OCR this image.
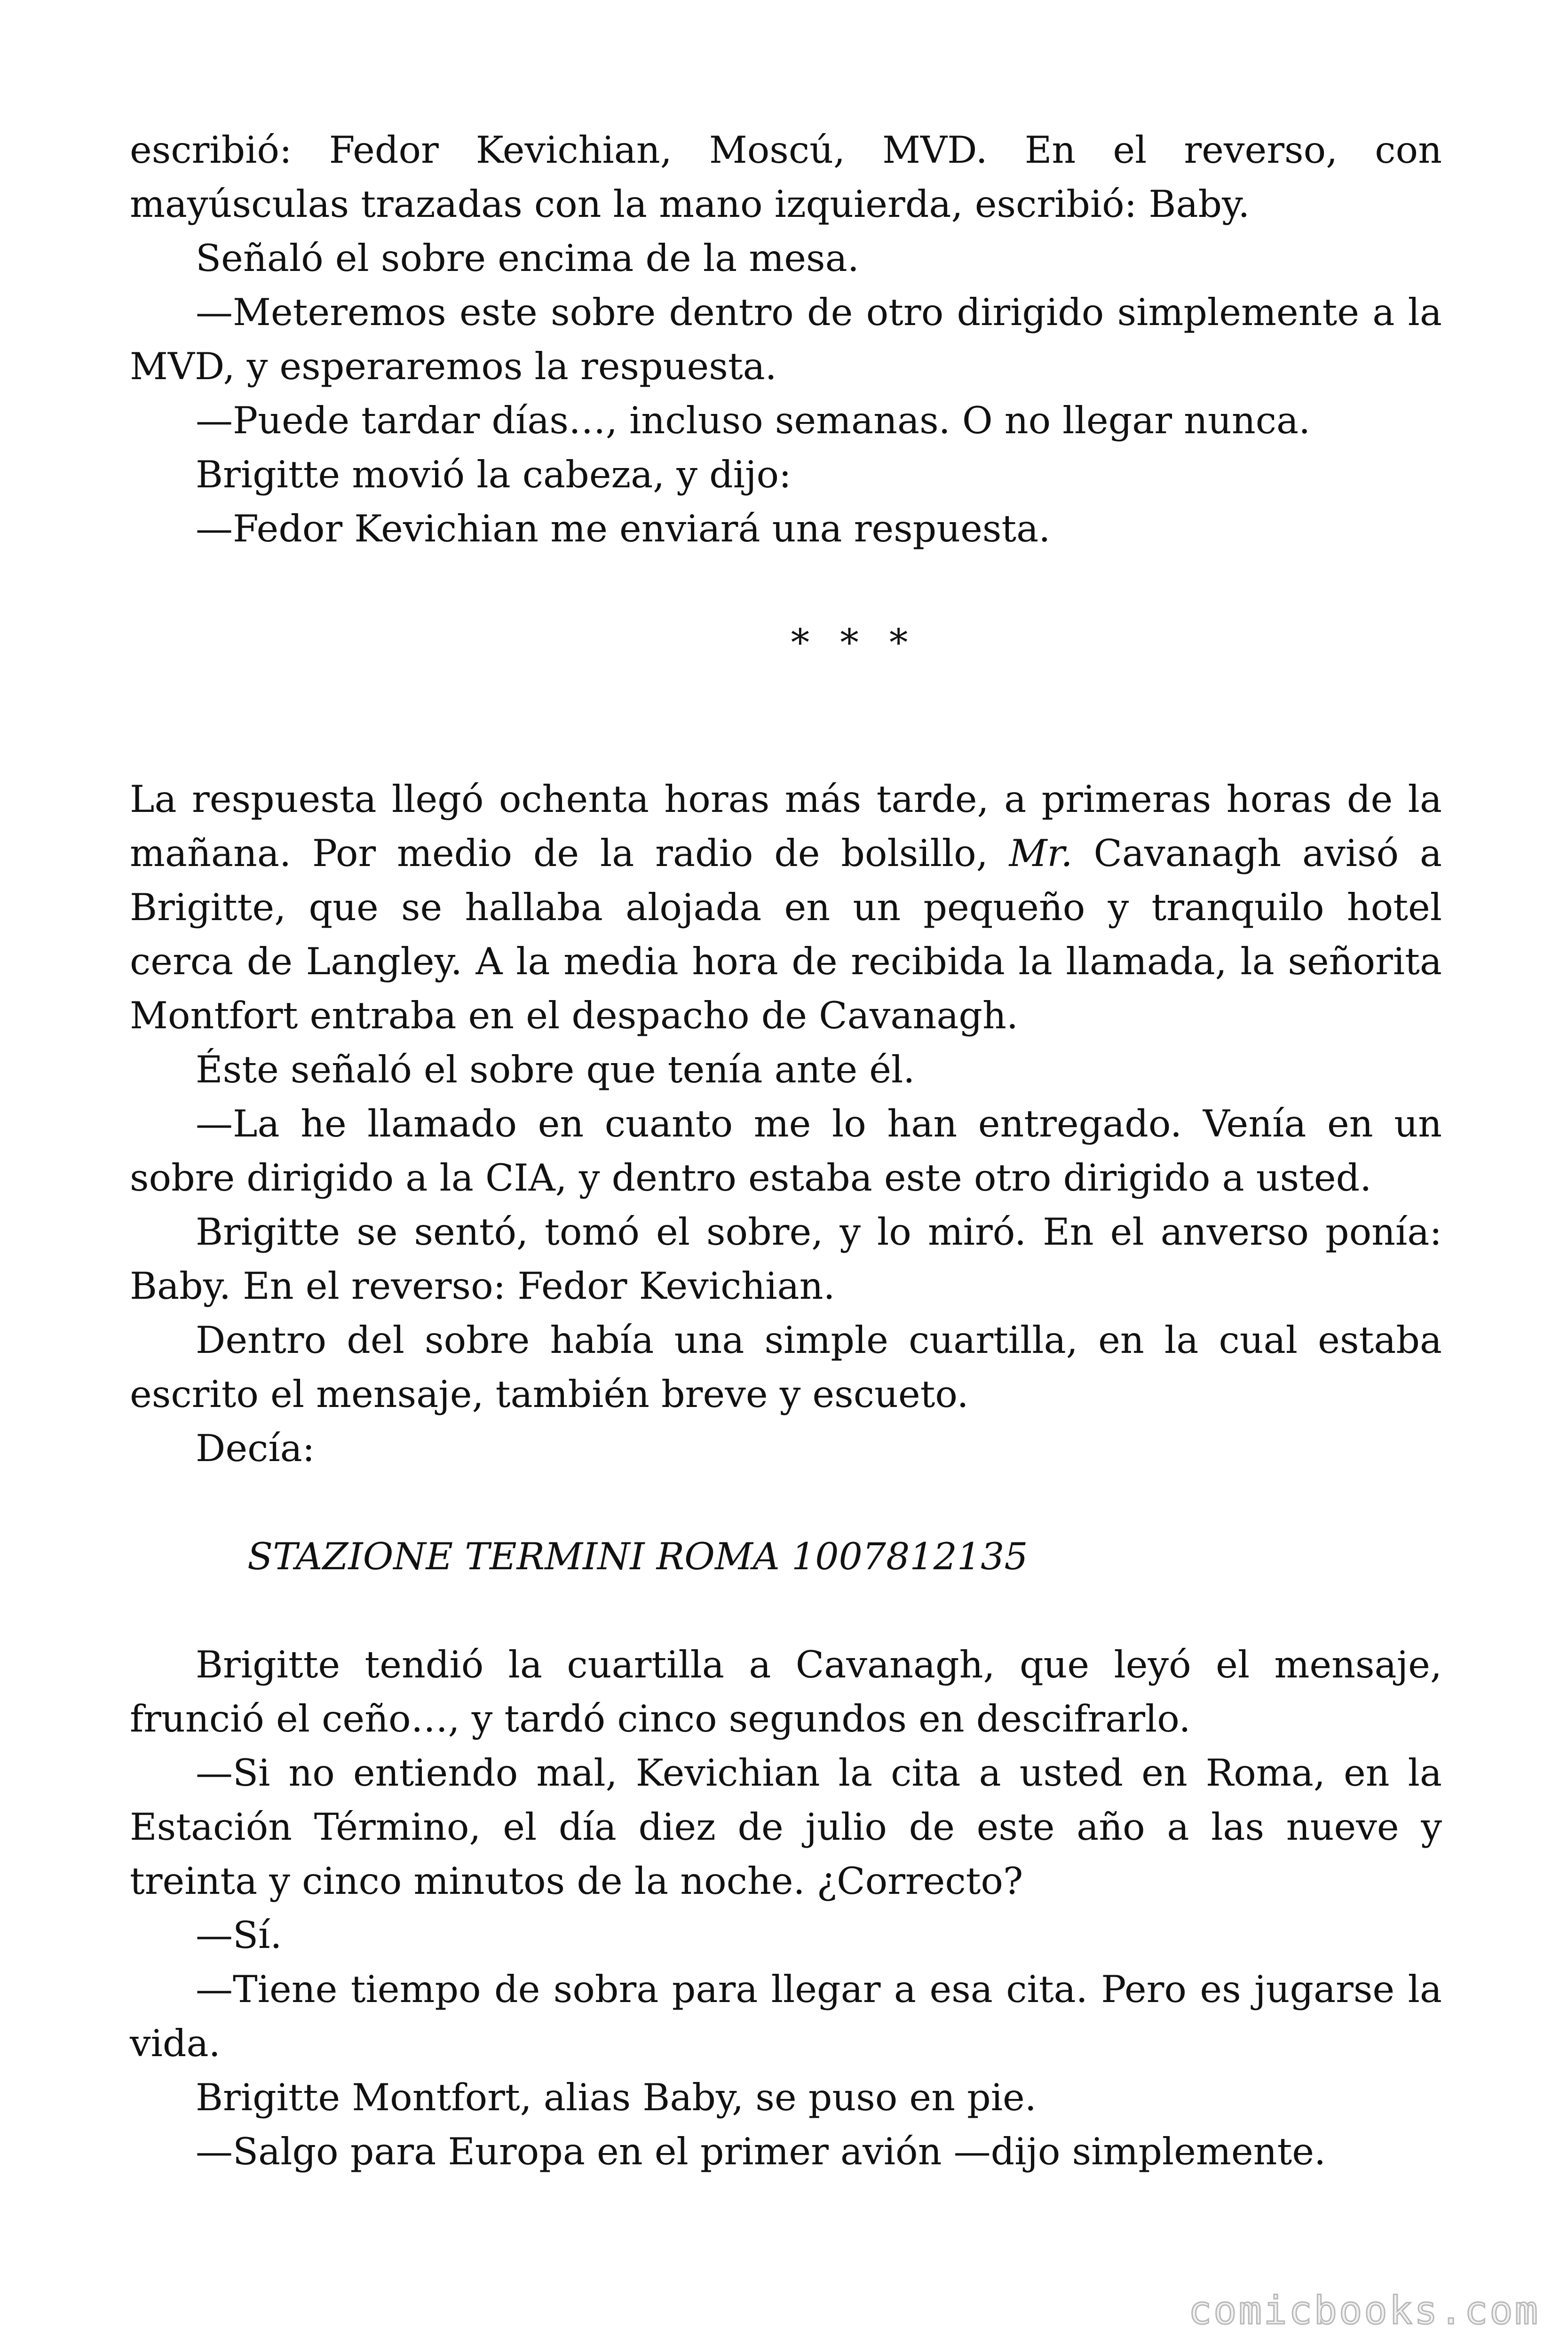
escribió: Fedor Kevichian, Moscú, MVD. En el reverso, con mayúsculas trazadas con la mano izquierda, escribió: Baby.

Señaló el sobre encima de la mesa.

—Meteremos este sobre dentro de otro dirigido simplemente a la MVD, y esperaremos la respuesta.

—Puede tardar días…, incluso semanas. O no llegar nunca.

Brigitte movió la cabeza, y dijo:

—Fedor Kevichian me enviará una respuesta.

* * *

La respuesta llegó ochenta horas más tarde, a primeras horas de la mañana. Por medio de la radio de bolsillo, Mr. Cavanagh avisó a Brigitte, que se hallaba alojada en un pequeño y tranquilo hotel cerca de Langley. A la media hora de recibida la llamada, la señorita Montfort entraba en el despacho de Cavanagh.

Éste señaló el sobre que tenía ante él.

—La he llamado en cuanto me lo han entregado. Venía en un sobre dirigido a la CIA, y dentro estaba este otro dirigido a usted.

Brigitte se sentó, tomó el sobre, y lo miró. En el anverso ponía: Baby. En el reverso: Fedor Kevichian.

Dentro del sobre había una simple cuartilla, en la cual estaba escrito el mensaje, también breve y escueto.

Decía:

STAZIONE TERMINI ROMA 1007812135

Brigitte tendió la cuartilla a Cavanagh, que leyó el mensaje, frunció el ceño…, y tardó cinco segundos en descifrarlo.

—Si no entiendo mal, Kevichian la cita a usted en Roma, en la Estación Término, el día diez de julio de este año a las nueve y treinta y cinco minutos de la noche. ¿Correcto?

—Sí.

—Tiene tiempo de sobra para llegar a esa cita. Pero es jugarse la vida.

Brigitte Montfort, alias Baby, se puso en pie.

—Salgo para Europa en el primer avión —dijo simplemente.

comicbooks.com
